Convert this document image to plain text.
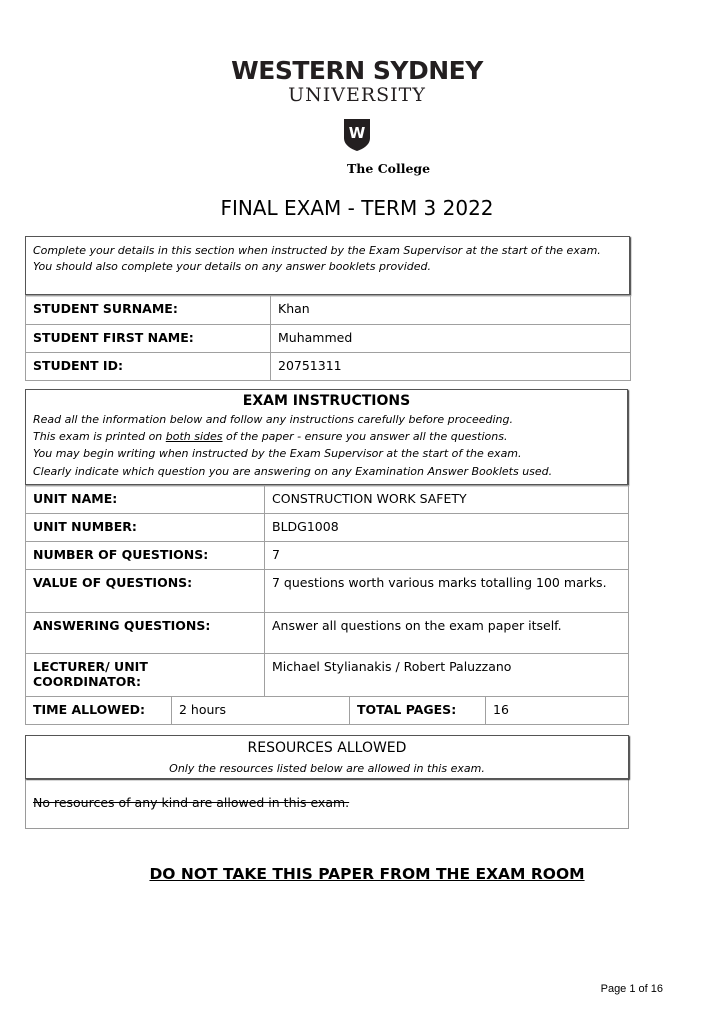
WESTERN SYDNEY
UNIVERSITY
W
The College
FINAL EXAM - TERM 3 2022
Complete your details in this section when instructed by the Exam Supervisor at the start of the exam.
You should also complete your details on any answer booklets provided.
STUDENT SURNAME:	Khan
STUDENT FIRST NAME:	Muhammed
STUDENT ID:	20751311
EXAM INSTRUCTIONS
Read all the information below and follow any instructions carefully before proceeding.
This exam is printed on both sides of the paper - ensure you answer all the questions.
You may begin writing when instructed by the Exam Supervisor at the start of the exam.
Clearly indicate which question you are answering on any Examination Answer Booklets used.
UNIT NAME:	CONSTRUCTION WORK SAFETY
UNIT NUMBER:	BLDG1008
NUMBER OF QUESTIONS:	7
VALUE OF QUESTIONS:	7 questions worth various marks totalling 100 marks.
ANSWERING QUESTIONS:	Answer all questions on the exam paper itself.
LECTURER/ UNIT COORDINATOR:	Michael Stylianakis / Robert Paluzzano
TIME ALLOWED:	2 hours	TOTAL PAGES:	16
RESOURCES ALLOWED
Only the resources listed below are allowed in this exam.
No resources of any kind are allowed in this exam.
DO NOT TAKE THIS PAPER FROM THE EXAM ROOM
Page 1 of 16
